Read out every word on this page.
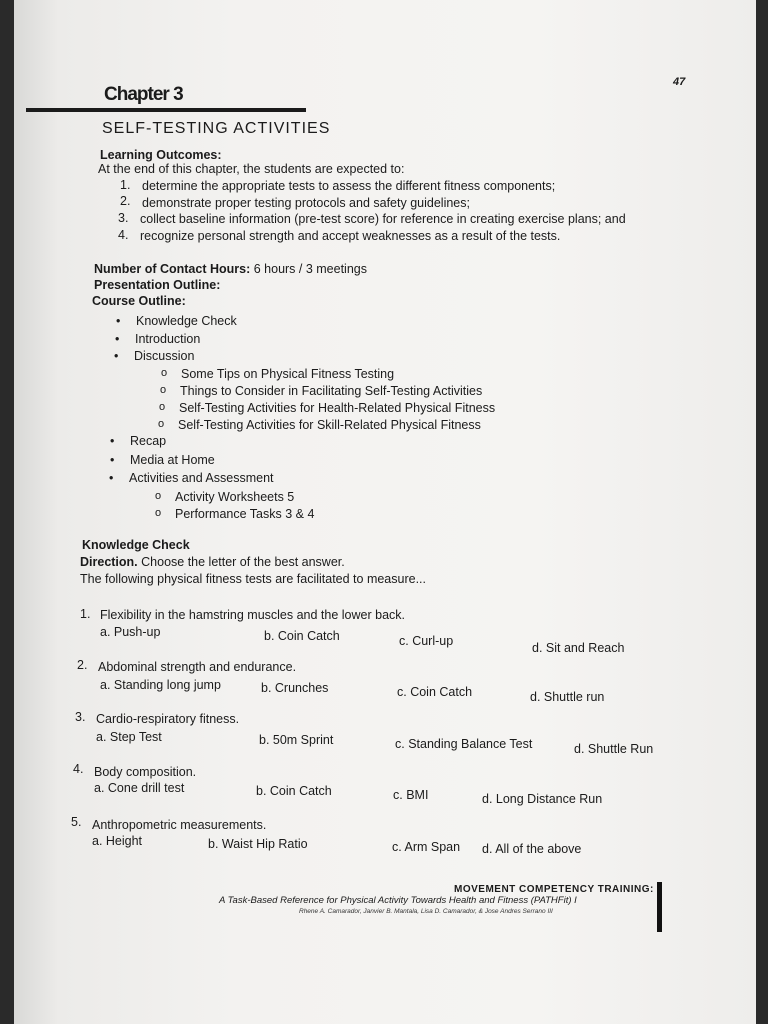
47
Chapter 3
SELF-TESTING ACTIVITIES
Learning Outcomes:
At the end of this chapter, the students are expected to:
1. determine the appropriate tests to assess the different fitness components;
2. demonstrate proper testing protocols and safety guidelines;
3. collect baseline information (pre-test score) for reference in creating exercise plans; and
4. recognize personal strength and accept weaknesses as a result of the tests.
Number of Contact Hours: 6 hours / 3 meetings
Presentation Outline:
Course Outline:
• Knowledge Check
• Introduction
• Discussion
o Some Tips on Physical Fitness Testing
o Things to Consider in Facilitating Self-Testing Activities
o Self-Testing Activities for Health-Related Physical Fitness
o Self-Testing Activities for Skill-Related Physical Fitness
• Recap
• Media at Home
• Activities and Assessment
o Activity Worksheets 5
o Performance Tasks 3 & 4
Knowledge Check
Direction. Choose the letter of the best answer.
The following physical fitness tests are facilitated to measure...
1. Flexibility in the hamstring muscles and the lower back.
a. Push-up	b. Coin Catch	c. Curl-up	d. Sit and Reach
2. Abdominal strength and endurance.
a. Standing long jump	b. Crunches	c. Coin Catch	d. Shuttle run
3. Cardio-respiratory fitness.
a. Step Test	b. 50m Sprint	c. Standing Balance Test	d. Shuttle Run
4. Body composition.
a. Cone drill test	b. Coin Catch	c. BMI	d. Long Distance Run
5. Anthropometric measurements.
a. Height	b. Waist Hip Ratio	c. Arm Span d. All of the above
MOVEMENT COMPETENCY TRAINING:
A Task-Based Reference for Physical Activity Towards Health and Fitness (PATHFit) I
Rhene A. Camarador, Janvier B. Mantala, Lisa D. Camarador, & Jose Andres Serrano III
